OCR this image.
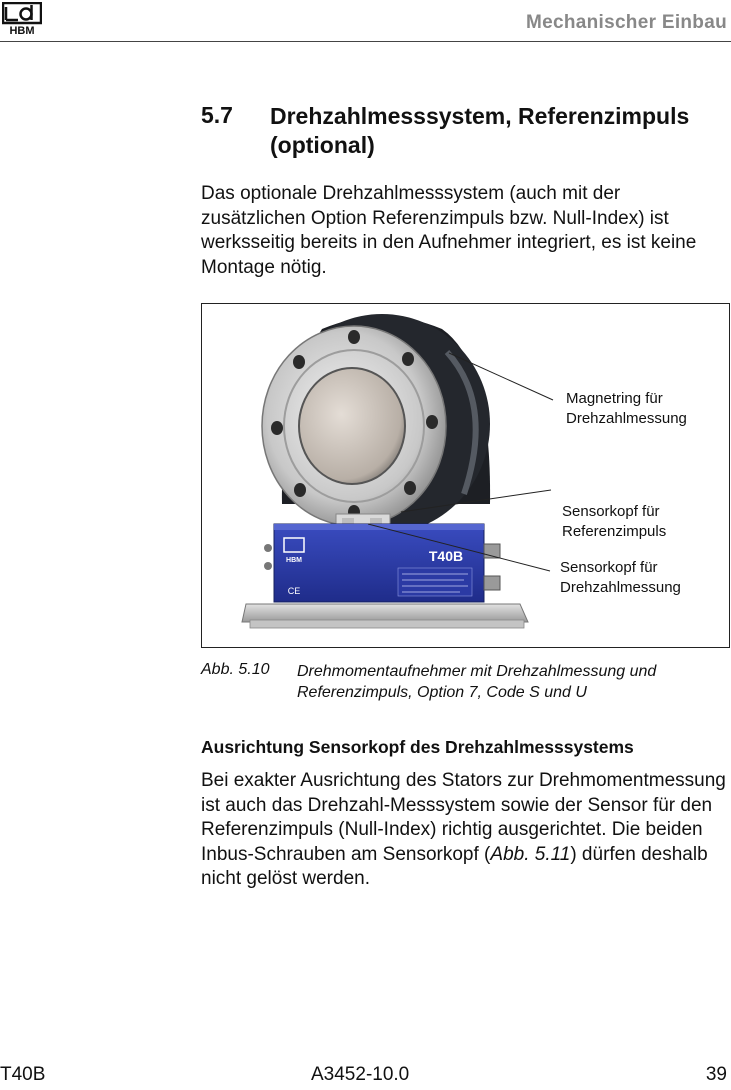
HBM	Mechanischer Einbau
5.7 Drehzahlmesssystem, Referenzimpuls (optional)

Das optionale Drehzahlmesssystem (auch mit der zusätzlichen Option Referenzimpuls bzw. Null-Index) ist werksseitig bereits in den Aufnehmer integriert, es ist keine Montage nötig.

HBM	T40B
CE
Magnetring für
Drehzahlmessung
Sensorkopf für
Referenzimpuls
Sensorkopf für
Drehzahlmessung
Abb. 5.10 Drehmomentaufnehmer mit Drehzahlmessung und Referenzimpuls, Option 7, Code S und U
Ausrichtung Sensorkopf des Drehzahlmesssystems
Bei exakter Ausrichtung des Stators zur Drehmomentmessung ist auch das Drehzahl-Messsystem sowie der Sensor für den Referenzimpuls (Null-Index) richtig ausgerichtet. Die beiden Inbus-Schrauben am Sensorkopf (Abb. 5.11) dürfen deshalb nicht gelöst werden.
T40B	A3452-10.0	39
